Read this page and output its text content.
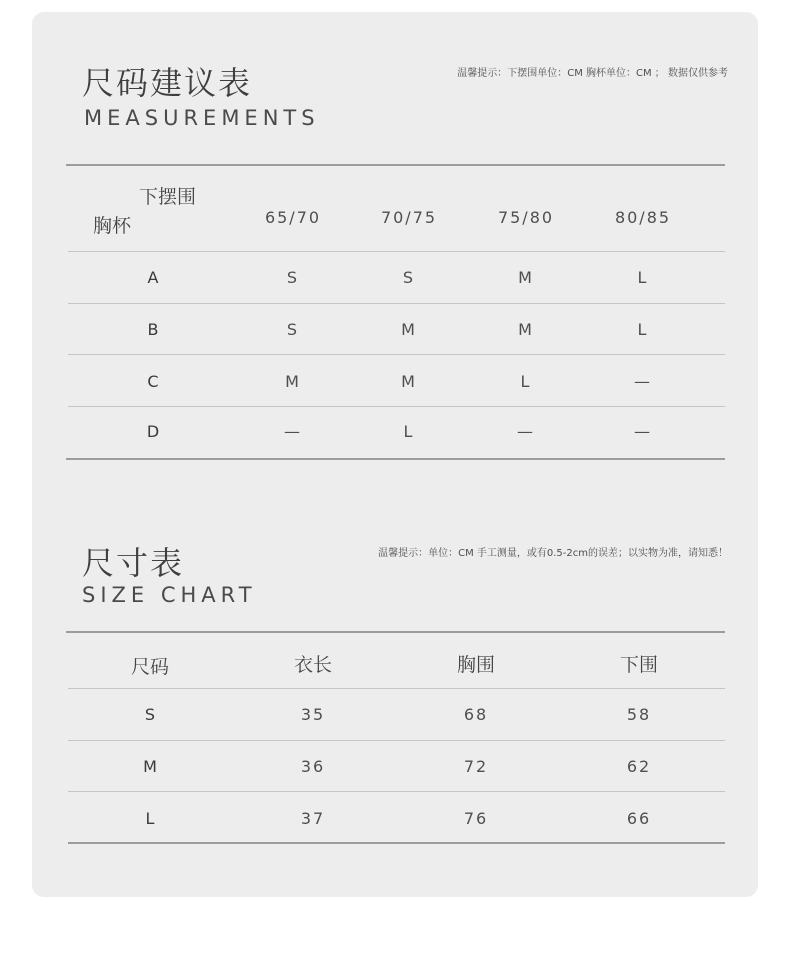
尺码建议表
MEASUREMENTS
温馨提示：下摆围单位：CM 胸杯单位：CM ； 数据仅供参考
下摆围
胸杯	65/70	70/75	75/80	80/85
A	S	S	M	L
B	S	M	M	L
C	M	M	L	—
D	—	L	—	—
尺寸表
SIZE CHART
温馨提示：单位：CM 手工测量，或有0.5-2cm的误差；以实物为准，请知悉！
尺码	衣长	胸围	下围
S	35	68	58
M	36	72	62
L	37	76	66
